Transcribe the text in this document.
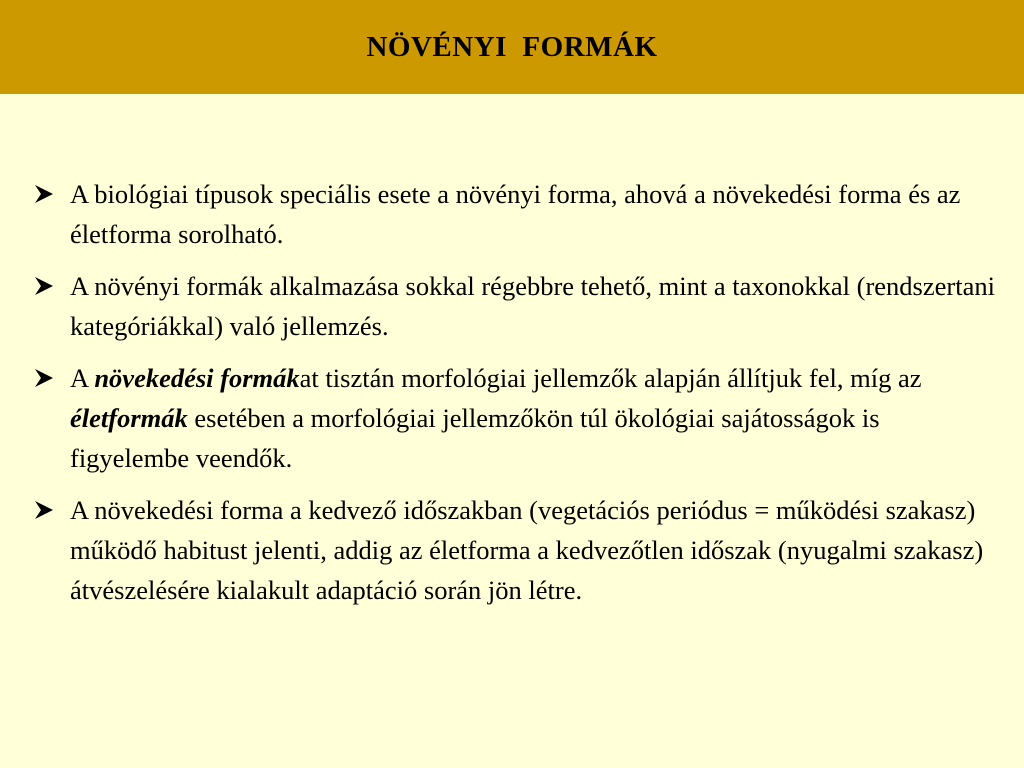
NÖVÉNYI  FORMÁK
A biológiai típusok speciális esete a növényi forma, ahová a növekedési forma és az életforma sorolható.
A növényi formák alkalmazása sokkal régebbre tehető, mint a taxonokkal (rendszertani kategóriákkal) való jellemzés.
A növekedési formákat tisztán morfológiai jellemzők alapján állítjuk fel, míg az életformák esetében a morfológiai jellemzőkön túl ökológiai sajátosságok is figyelembe veendők.
A növekedési forma a kedvező időszakban (vegetációs periódus = működési szakasz) működő habitust jelenti, addig az életforma a kedvezőtlen időszak (nyugalmi szakasz) átvészelésére kialakult adaptáció során jön létre.
